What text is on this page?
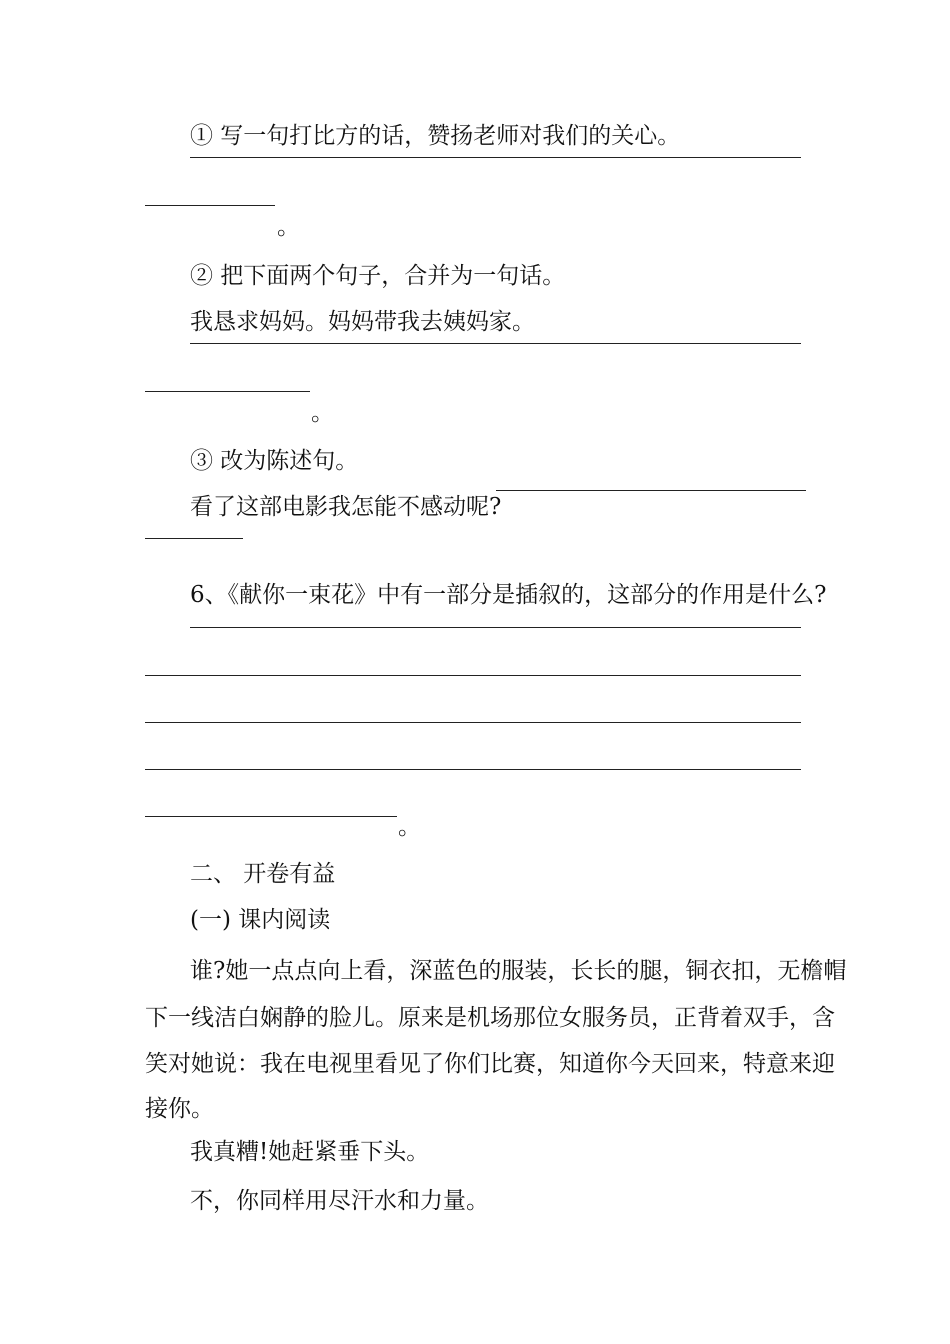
① 写一句打比方的话，赞扬老师对我们的关心。
。
② 把下面两个句子，合并为一句话。
我恳求妈妈。妈妈带我去姨妈家。
。
③ 改为陈述句。
看了这部电影我怎能不感动呢?
6、《献你一束花》中有一部分是插叙的，这部分的作用是什么?
。
二、 开卷有益
(一) 课内阅读
谁?她一点点向上看，深蓝色的服装，长长的腿，铜衣扣，无檐帽
下一线洁白娴静的脸儿。原来是机场那位女服务员，正背着双手，含
笑对她说：我在电视里看见了你们比赛，知道你今天回来，特意来迎
接你。
我真糟!她赶紧垂下头。
不，你同样用尽汗水和力量。
